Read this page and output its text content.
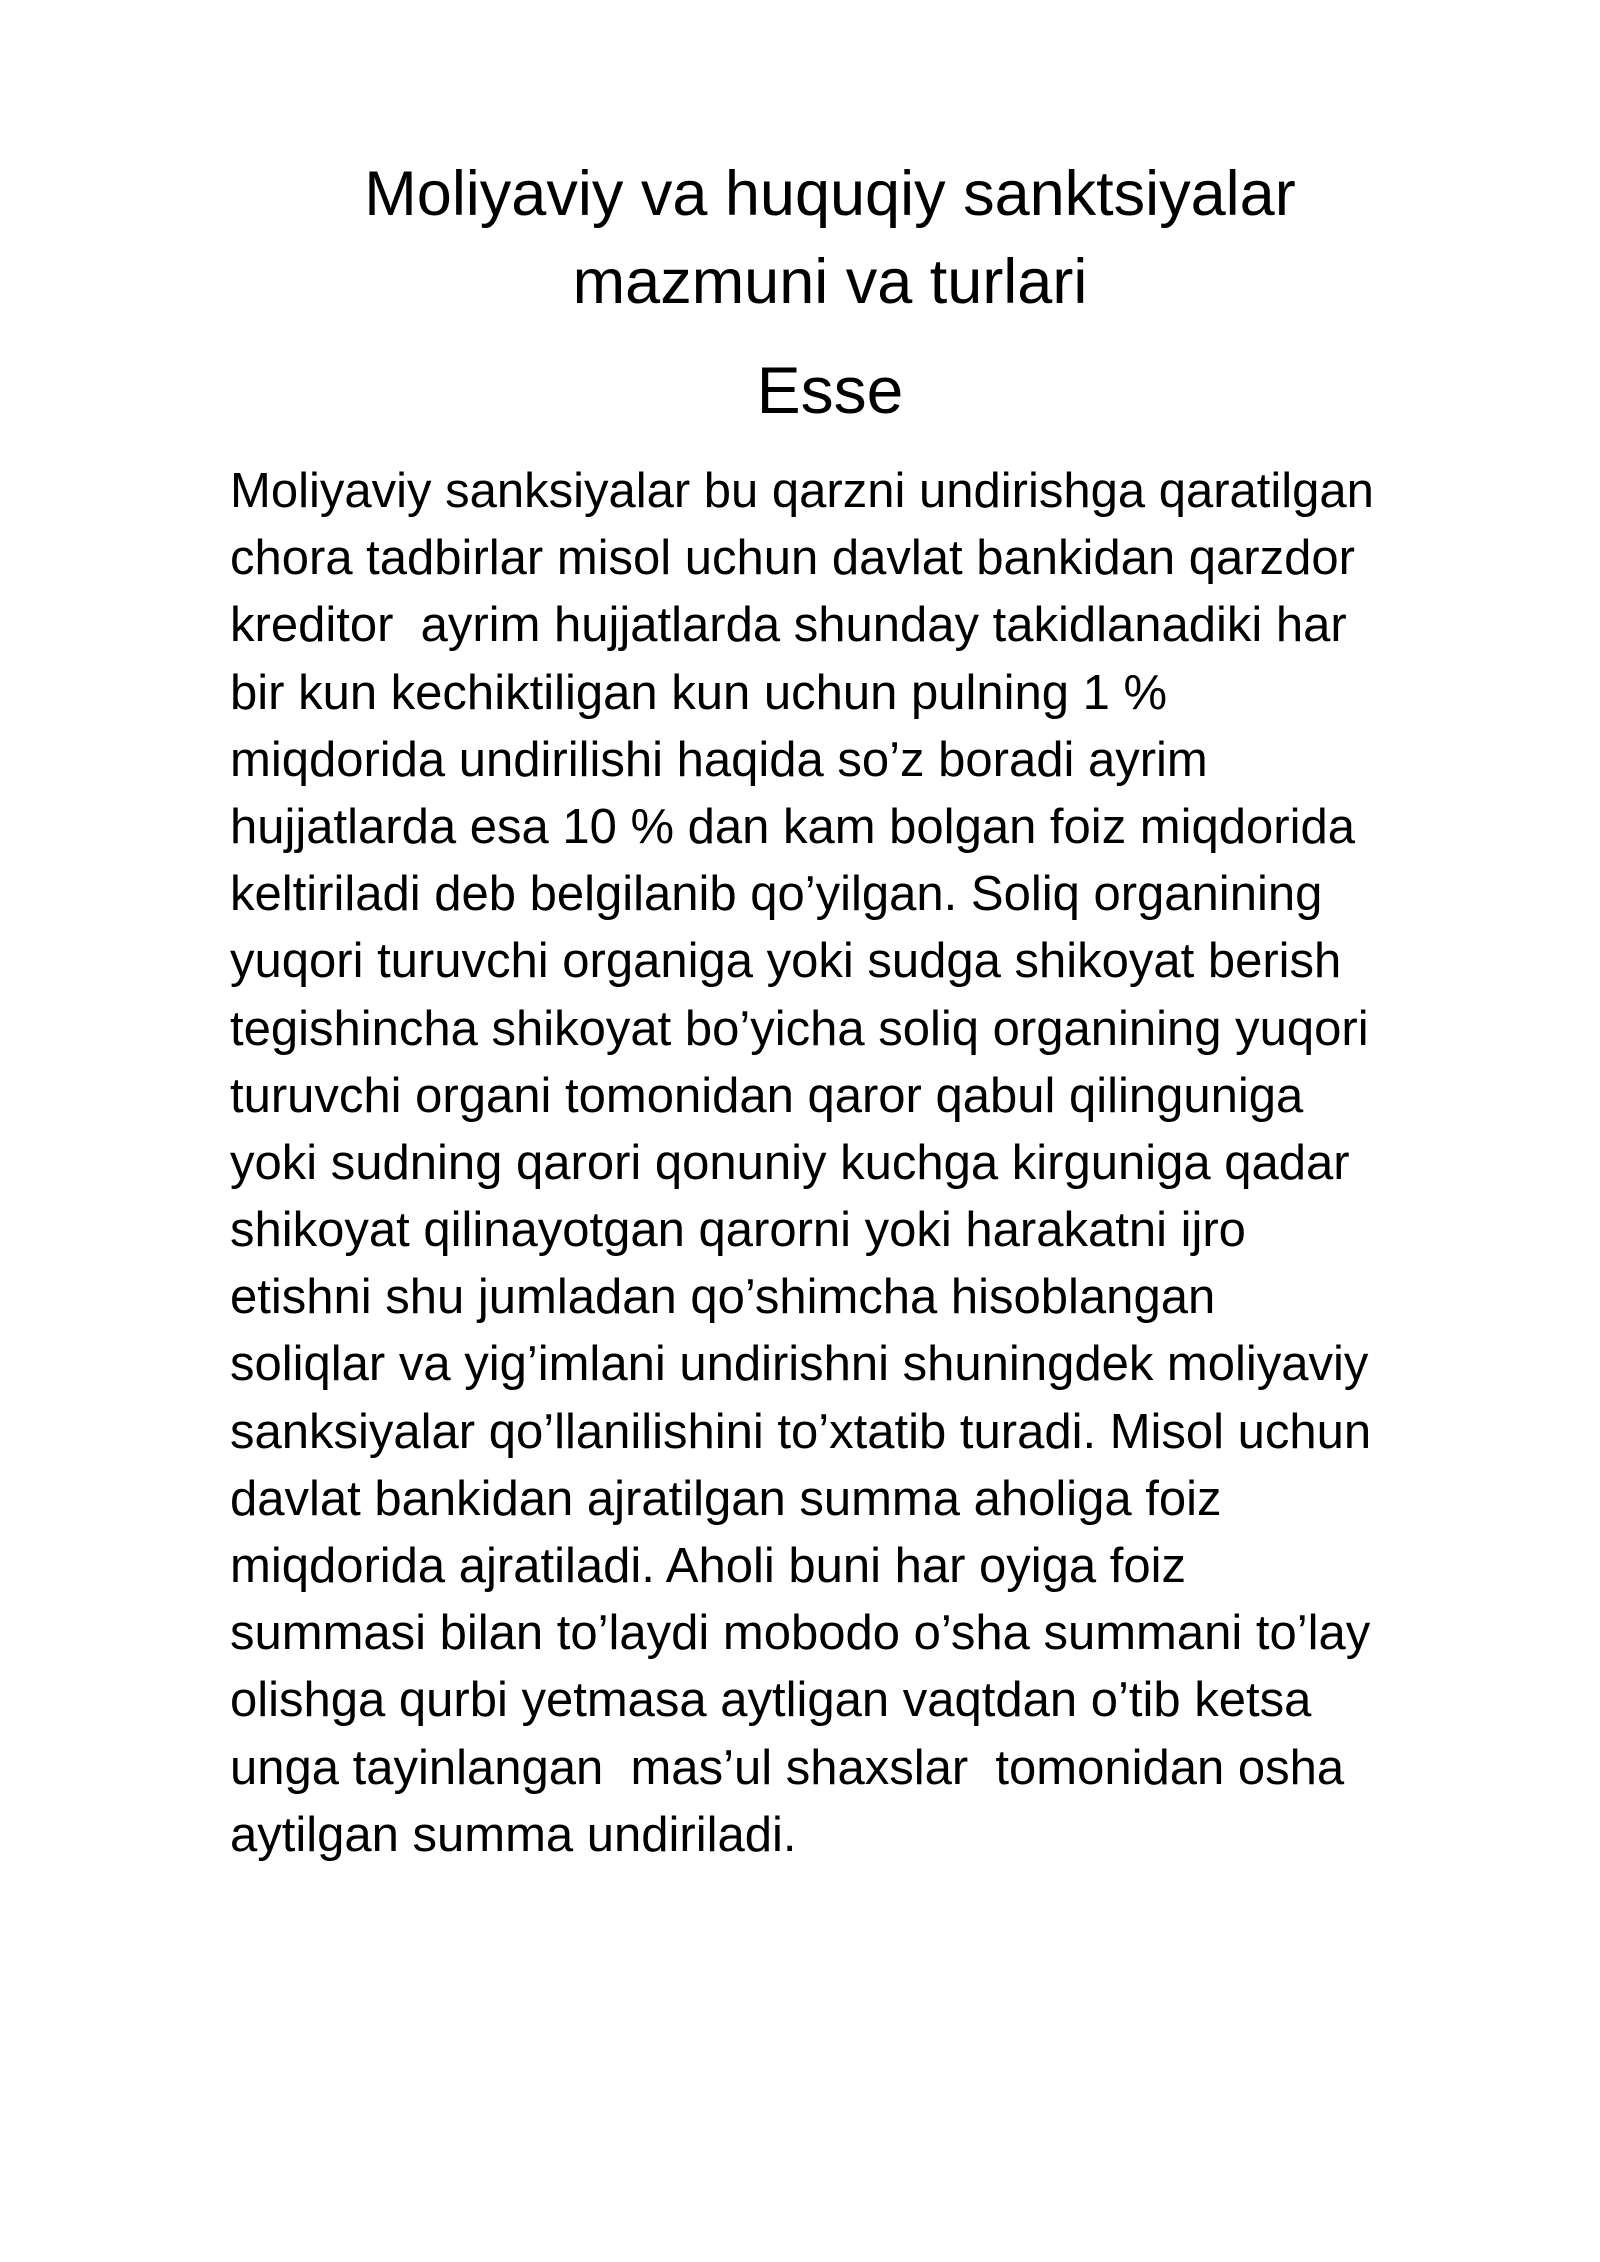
Moliyaviy va huquqiy sanktsiyalar mazmuni va turlari
Esse
Moliyaviy sanksiyalar bu qarzni undirishga qaratilgan
chora tadbirlar misol uchun davlat bankidan qarzdor
kreditor  ayrim hujjatlarda shunday takidlanadiki har
bir kun kechiktiligan kun uchun pulning 1 %
miqdorida undirilishi haqida so’z boradi ayrim
hujjatlarda esa 10 % dan kam bolgan foiz miqdorida
keltiriladi deb belgilanib qo’yilgan. Soliq organining
yuqori turuvchi organiga yoki sudga shikoyat berish
tegishincha shikoyat bo’yicha soliq organining yuqori
turuvchi organi tomonidan qaror qabul qilinguniga
yoki sudning qarori qonuniy kuchga kirguniga qadar
shikoyat qilinayotgan qarorni yoki harakatni ijro
etishni shu jumladan qo’shimcha hisoblangan
soliqlar va yig’imlani undirishni shuningdek moliyaviy
sanksiyalar qo’llanilishini to’xtatib turadi. Misol uchun
davlat bankidan ajratilgan summa aholiga foiz
miqdorida ajratiladi. Aholi buni har oyiga foiz
summasi bilan to’laydi mobodo o’sha summani to’lay
olishga qurbi yetmasa aytligan vaqtdan o’tib ketsa
unga tayinlangan  mas’ul shaxslar  tomonidan osha
aytilgan summa undiriladi.
